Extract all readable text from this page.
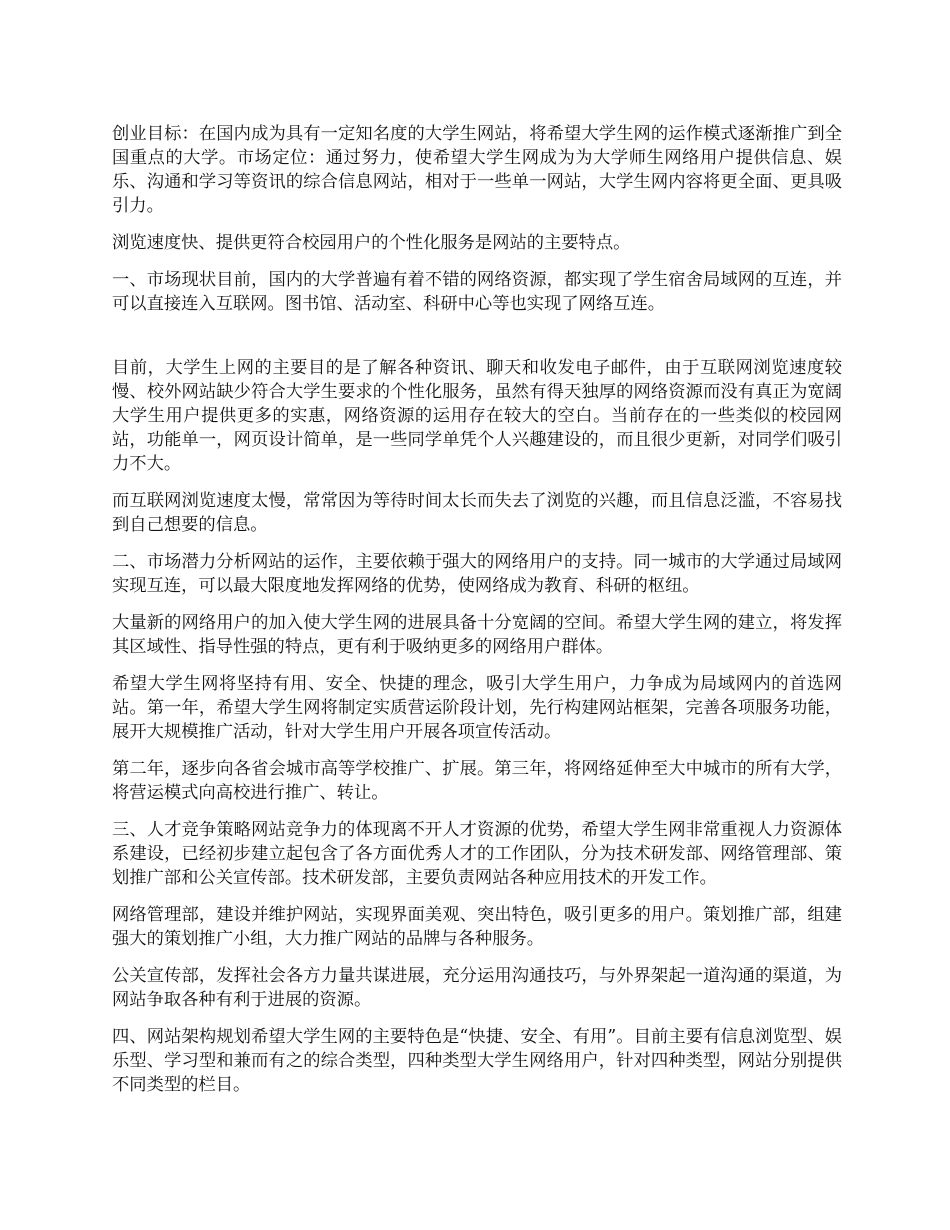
创业目标：在国内成为具有一定知名度的大学生网站，将希望大学生网的运作模式逐渐推广到全国重点的大学。市场定位：通过努力，使希望大学生网成为为大学师生网络用户提供信息、娱乐、沟通和学习等资讯的综合信息网站，相对于一些单一网站，大学生网内容将更全面、更具吸引力。

浏览速度快、提供更符合校园用户的个性化服务是网站的主要特点。

一、市场现状目前，国内的大学普遍有着不错的网络资源，都实现了学生宿舍局域网的互连，并可以直接连入互联网。图书馆、活动室、科研中心等也实现了网络互连。

目前，大学生上网的主要目的是了解各种资讯、聊天和收发电子邮件，由于互联网浏览速度较慢、校外网站缺少符合大学生要求的个性化服务，虽然有得天独厚的网络资源而没有真正为宽阔大学生用户提供更多的实惠，网络资源的运用存在较大的空白。当前存在的一些类似的校园网站，功能单一，网页设计简单，是一些同学单凭个人兴趣建设的，而且很少更新，对同学们吸引力不大。

而互联网浏览速度太慢，常常因为等待时间太长而失去了浏览的兴趣，而且信息泛滥，不容易找到自己想要的信息。

二、市场潜力分析网站的运作，主要依赖于强大的网络用户的支持。同一城市的大学通过局域网实现互连，可以最大限度地发挥网络的优势，使网络成为教育、科研的枢纽。

大量新的网络用户的加入使大学生网的进展具备十分宽阔的空间。希望大学生网的建立，将发挥其区域性、指导性强的特点，更有利于吸纳更多的网络用户群体。

希望大学生网将坚持有用、安全、快捷的理念，吸引大学生用户，力争成为局域网内的首选网站。第一年，希望大学生网将制定实质营运阶段计划，先行构建网站框架，完善各项服务功能，展开大规模推广活动，针对大学生用户开展各项宣传活动。

第二年，逐步向各省会城市高等学校推广、扩展。第三年，将网络延伸至大中城市的所有大学，将营运模式向高校进行推广、转让。

三、人才竞争策略网站竞争力的体现离不开人才资源的优势，希望大学生网非常重视人力资源体系建设，已经初步建立起包含了各方面优秀人才的工作团队，分为技术研发部、网络管理部、策划推广部和公关宣传部。技术研发部，主要负责网站各种应用技术的开发工作。

网络管理部，建设并维护网站，实现界面美观、突出特色，吸引更多的用户。策划推广部，组建强大的策划推广小组，大力推广网站的品牌与各种服务。

公关宣传部，发挥社会各方力量共谋进展，充分运用沟通技巧，与外界架起一道沟通的渠道，为网站争取各种有利于进展的资源。

四、网站架构规划希望大学生网的主要特色是“快捷、安全、有用”。目前主要有信息浏览型、娱乐型、学习型和兼而有之的综合类型，四种类型大学生网络用户，针对四种类型，网站分别提供不同类型的栏目。
